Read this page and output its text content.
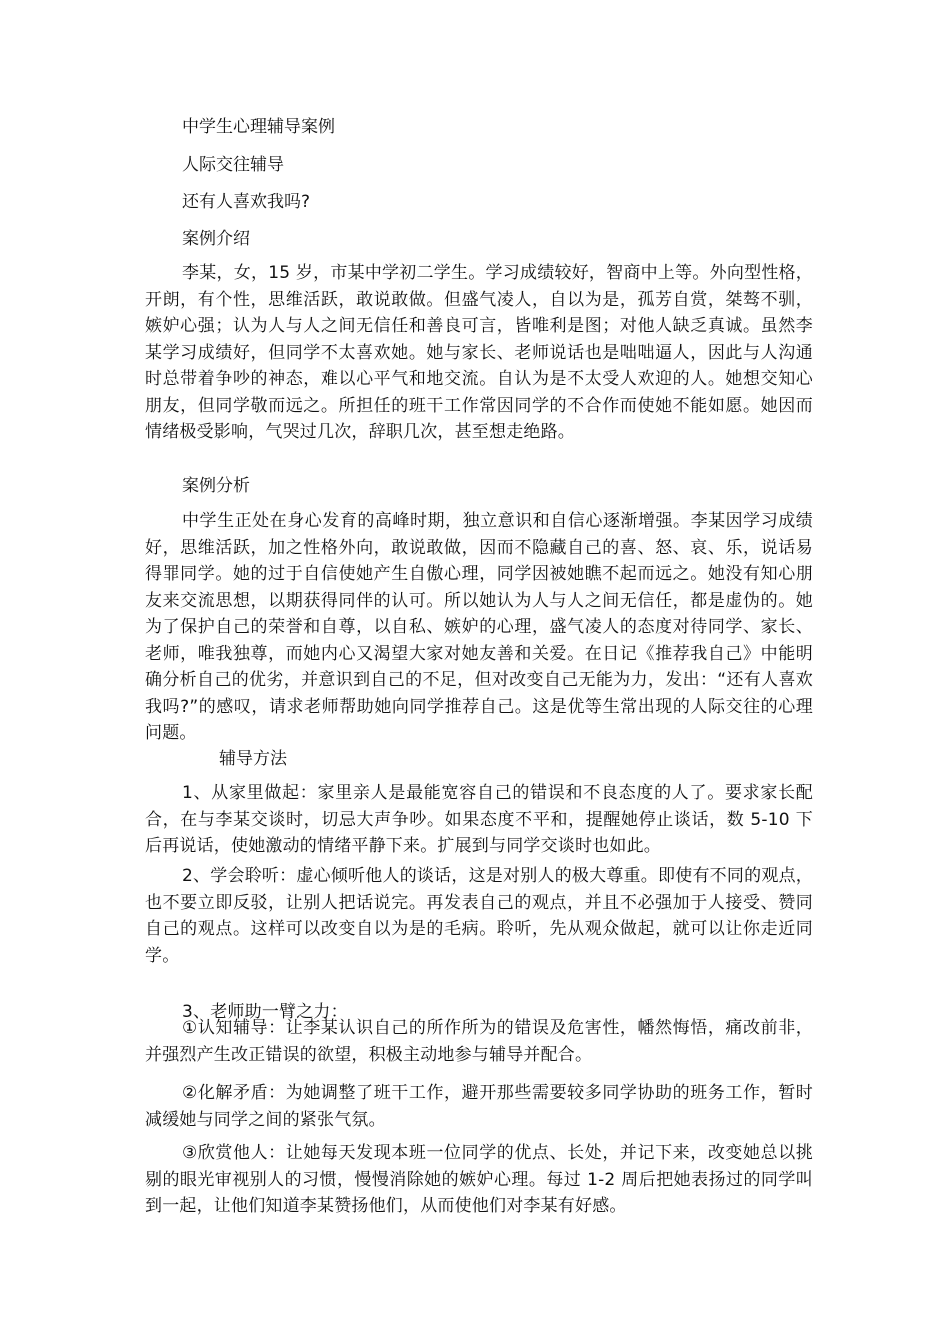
中学生心理辅导案例
人际交往辅导
还有人喜欢我吗?
案例介绍

李某，女，15 岁，市某中学初二学生。学习成绩较好，智商中上等。外向型性格，开朗，有个性，思维活跃，敢说敢做。但盛气凌人，自以为是，孤芳自赏，桀骜不驯，嫉妒心强；认为人与人之间无信任和善良可言，皆唯利是图；对他人缺乏真诚。虽然李某学习成绩好，但同学不太喜欢她。她与家长、老师说话也是咄咄逼人，因此与人沟通时总带着争吵的神态，难以心平气和地交流。自认为是不太受人欢迎的人。她想交知心朋友，但同学敬而远之。所担任的班干工作常因同学的不合作而使她不能如愿。她因而情绪极受影响，气哭过几次，辞职几次，甚至想走绝路。

案例分析

中学生正处在身心发育的高峰时期，独立意识和自信心逐渐增强。李某因学习成绩好，思维活跃，加之性格外向，敢说敢做，因而不隐藏自己的喜、怒、哀、乐，说话易得罪同学。她的过于自信使她产生自傲心理，同学因被她瞧不起而远之。她没有知心朋友来交流思想，以期获得同伴的认可。所以她认为人与人之间无信任，都是虚伪的。她为了保护自己的荣誉和自尊，以自私、嫉妒的心理，盛气凌人的态度对待同学、家长、老师，唯我独尊，而她内心又渴望大家对她友善和关爱。在日记《推荐我自己》中能明确分析自己的优劣，并意识到自己的不足，但对改变自己无能为力，发出：“还有人喜欢我吗?”的感叹，请求老师帮助她向同学推荐自己。这是优等生常出现的人际交往的心理问题。

辅导方法

1、从家里做起：家里亲人是最能宽容自己的错误和不良态度的人了。要求家长配合，在与李某交谈时，切忌大声争吵。如果态度不平和，提醒她停止谈话，数 5-10 下后再说话，使她激动的情绪平静下来。扩展到与同学交谈时也如此。

2、学会聆听：虚心倾听他人的谈话，这是对别人的极大尊重。即使有不同的观点，也不要立即反驳，让别人把话说完。再发表自己的观点，并且不必强加于人接受、赞同自己的观点。这样可以改变自以为是的毛病。聆听，先从观众做起，就可以让你走近同学。

3、老师助一臂之力：

①认知辅导：让李某认识自己的所作所为的错误及危害性，幡然悔悟，痛改前非，并强烈产生改正错误的欲望，积极主动地参与辅导并配合。

②化解矛盾：为她调整了班干工作，避开那些需要较多同学协助的班务工作，暂时减缓她与同学之间的紧张气氛。

③欣赏他人：让她每天发现本班一位同学的优点、长处，并记下来，改变她总以挑剔的眼光审视别人的习惯，慢慢消除她的嫉妒心理。每过 1-2 周后把她表扬过的同学叫到一起，让他们知道李某赞扬他们，从而使他们对李某有好感。
